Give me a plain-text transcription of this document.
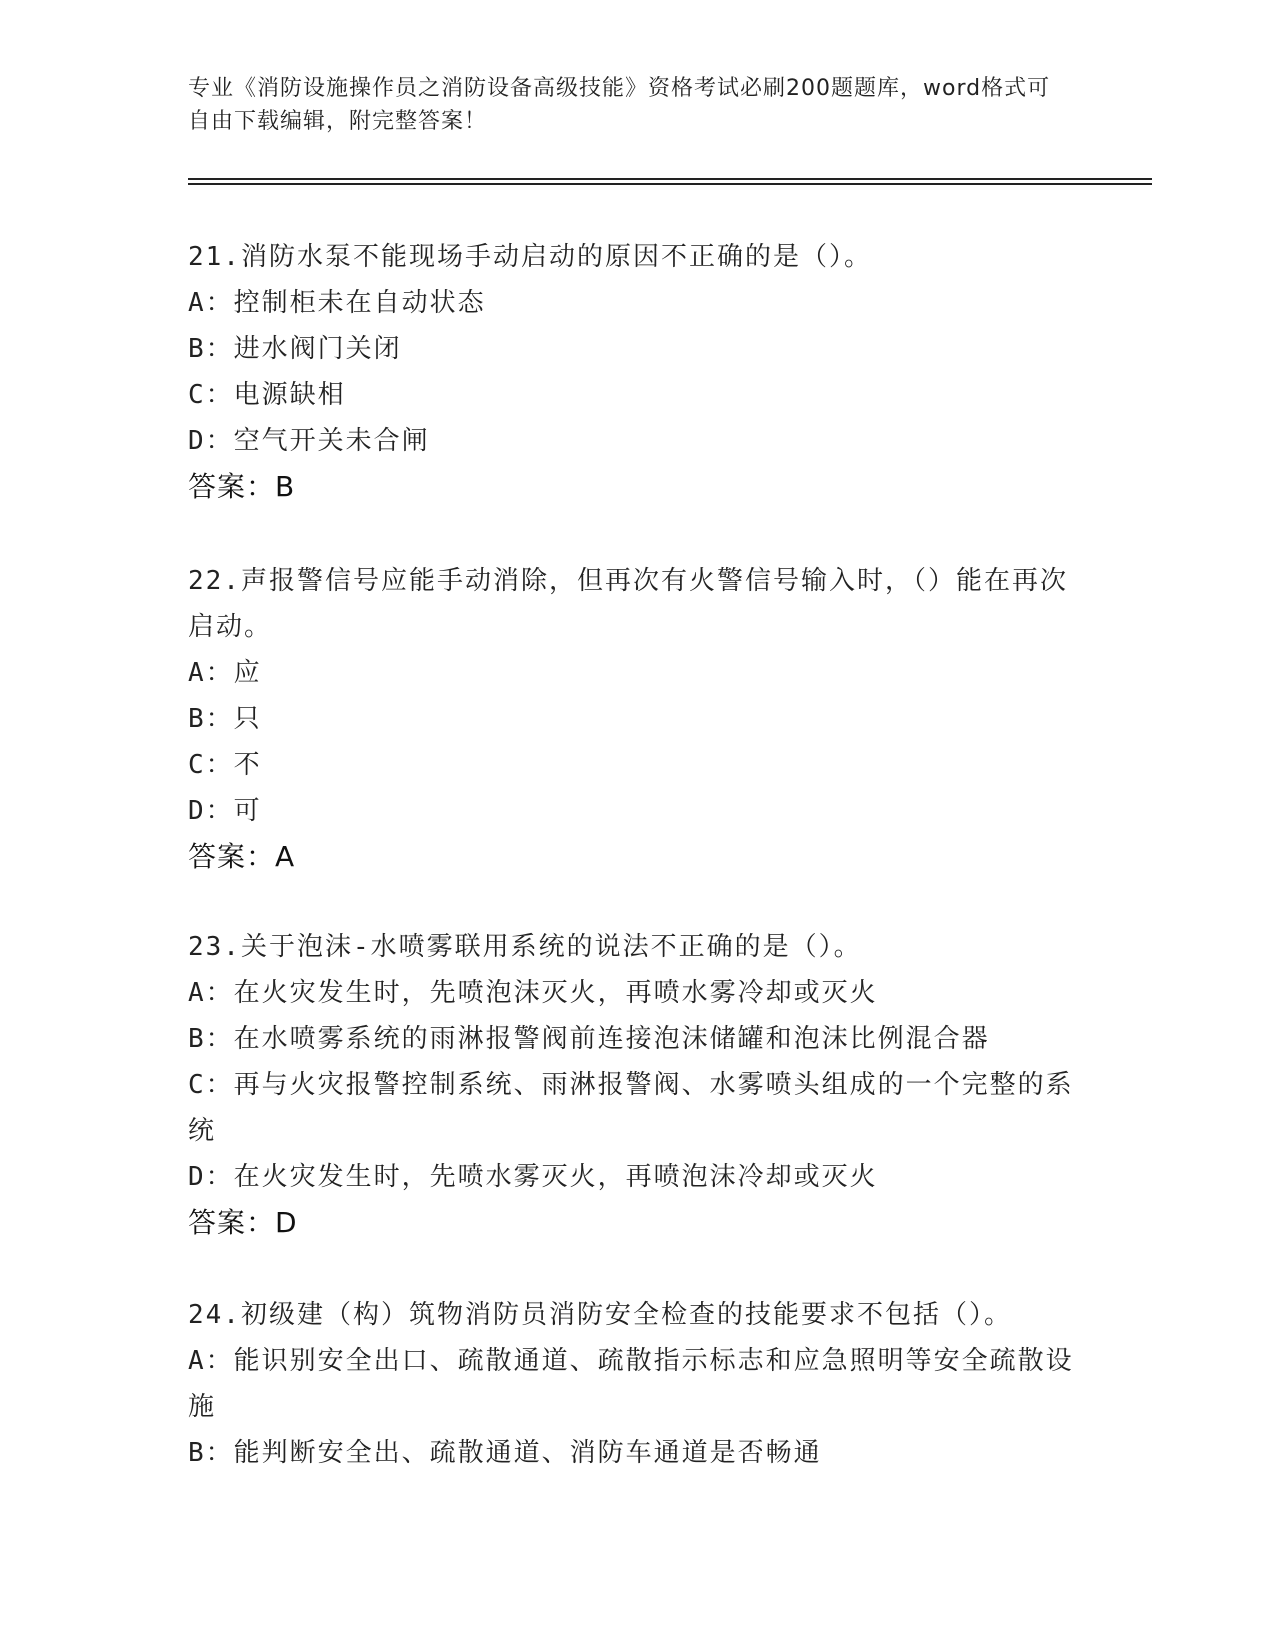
专业《消防设施操作员之消防设备高级技能》资格考试必刷200题题库，word格式可自由下载编辑，附完整答案！
21.消防水泵不能现场手动启动的原因不正确的是（）。
A：控制柜未在自动状态
B：进水阀门关闭
C：电源缺相
D：空气开关未合闸
答案：B
22.声报警信号应能手动消除，但再次有火警信号输入时，（）能在再次启动。
A：应
B：只
C：不
D：可
答案：A
23.关于泡沫-水喷雾联用系统的说法不正确的是（）。
A：在火灾发生时，先喷泡沫灭火，再喷水雾冷却或灭火
B：在水喷雾系统的雨淋报警阀前连接泡沫储罐和泡沫比例混合器
C：再与火灾报警控制系统、雨淋报警阀、水雾喷头组成的一个完整的系统
D：在火灾发生时，先喷水雾灭火，再喷泡沫冷却或灭火
答案：D
24.初级建（构）筑物消防员消防安全检查的技能要求不包括（）。
A：能识别安全出口、疏散通道、疏散指示标志和应急照明等安全疏散设施
B：能判断安全出、疏散通道、消防车通道是否畅通
